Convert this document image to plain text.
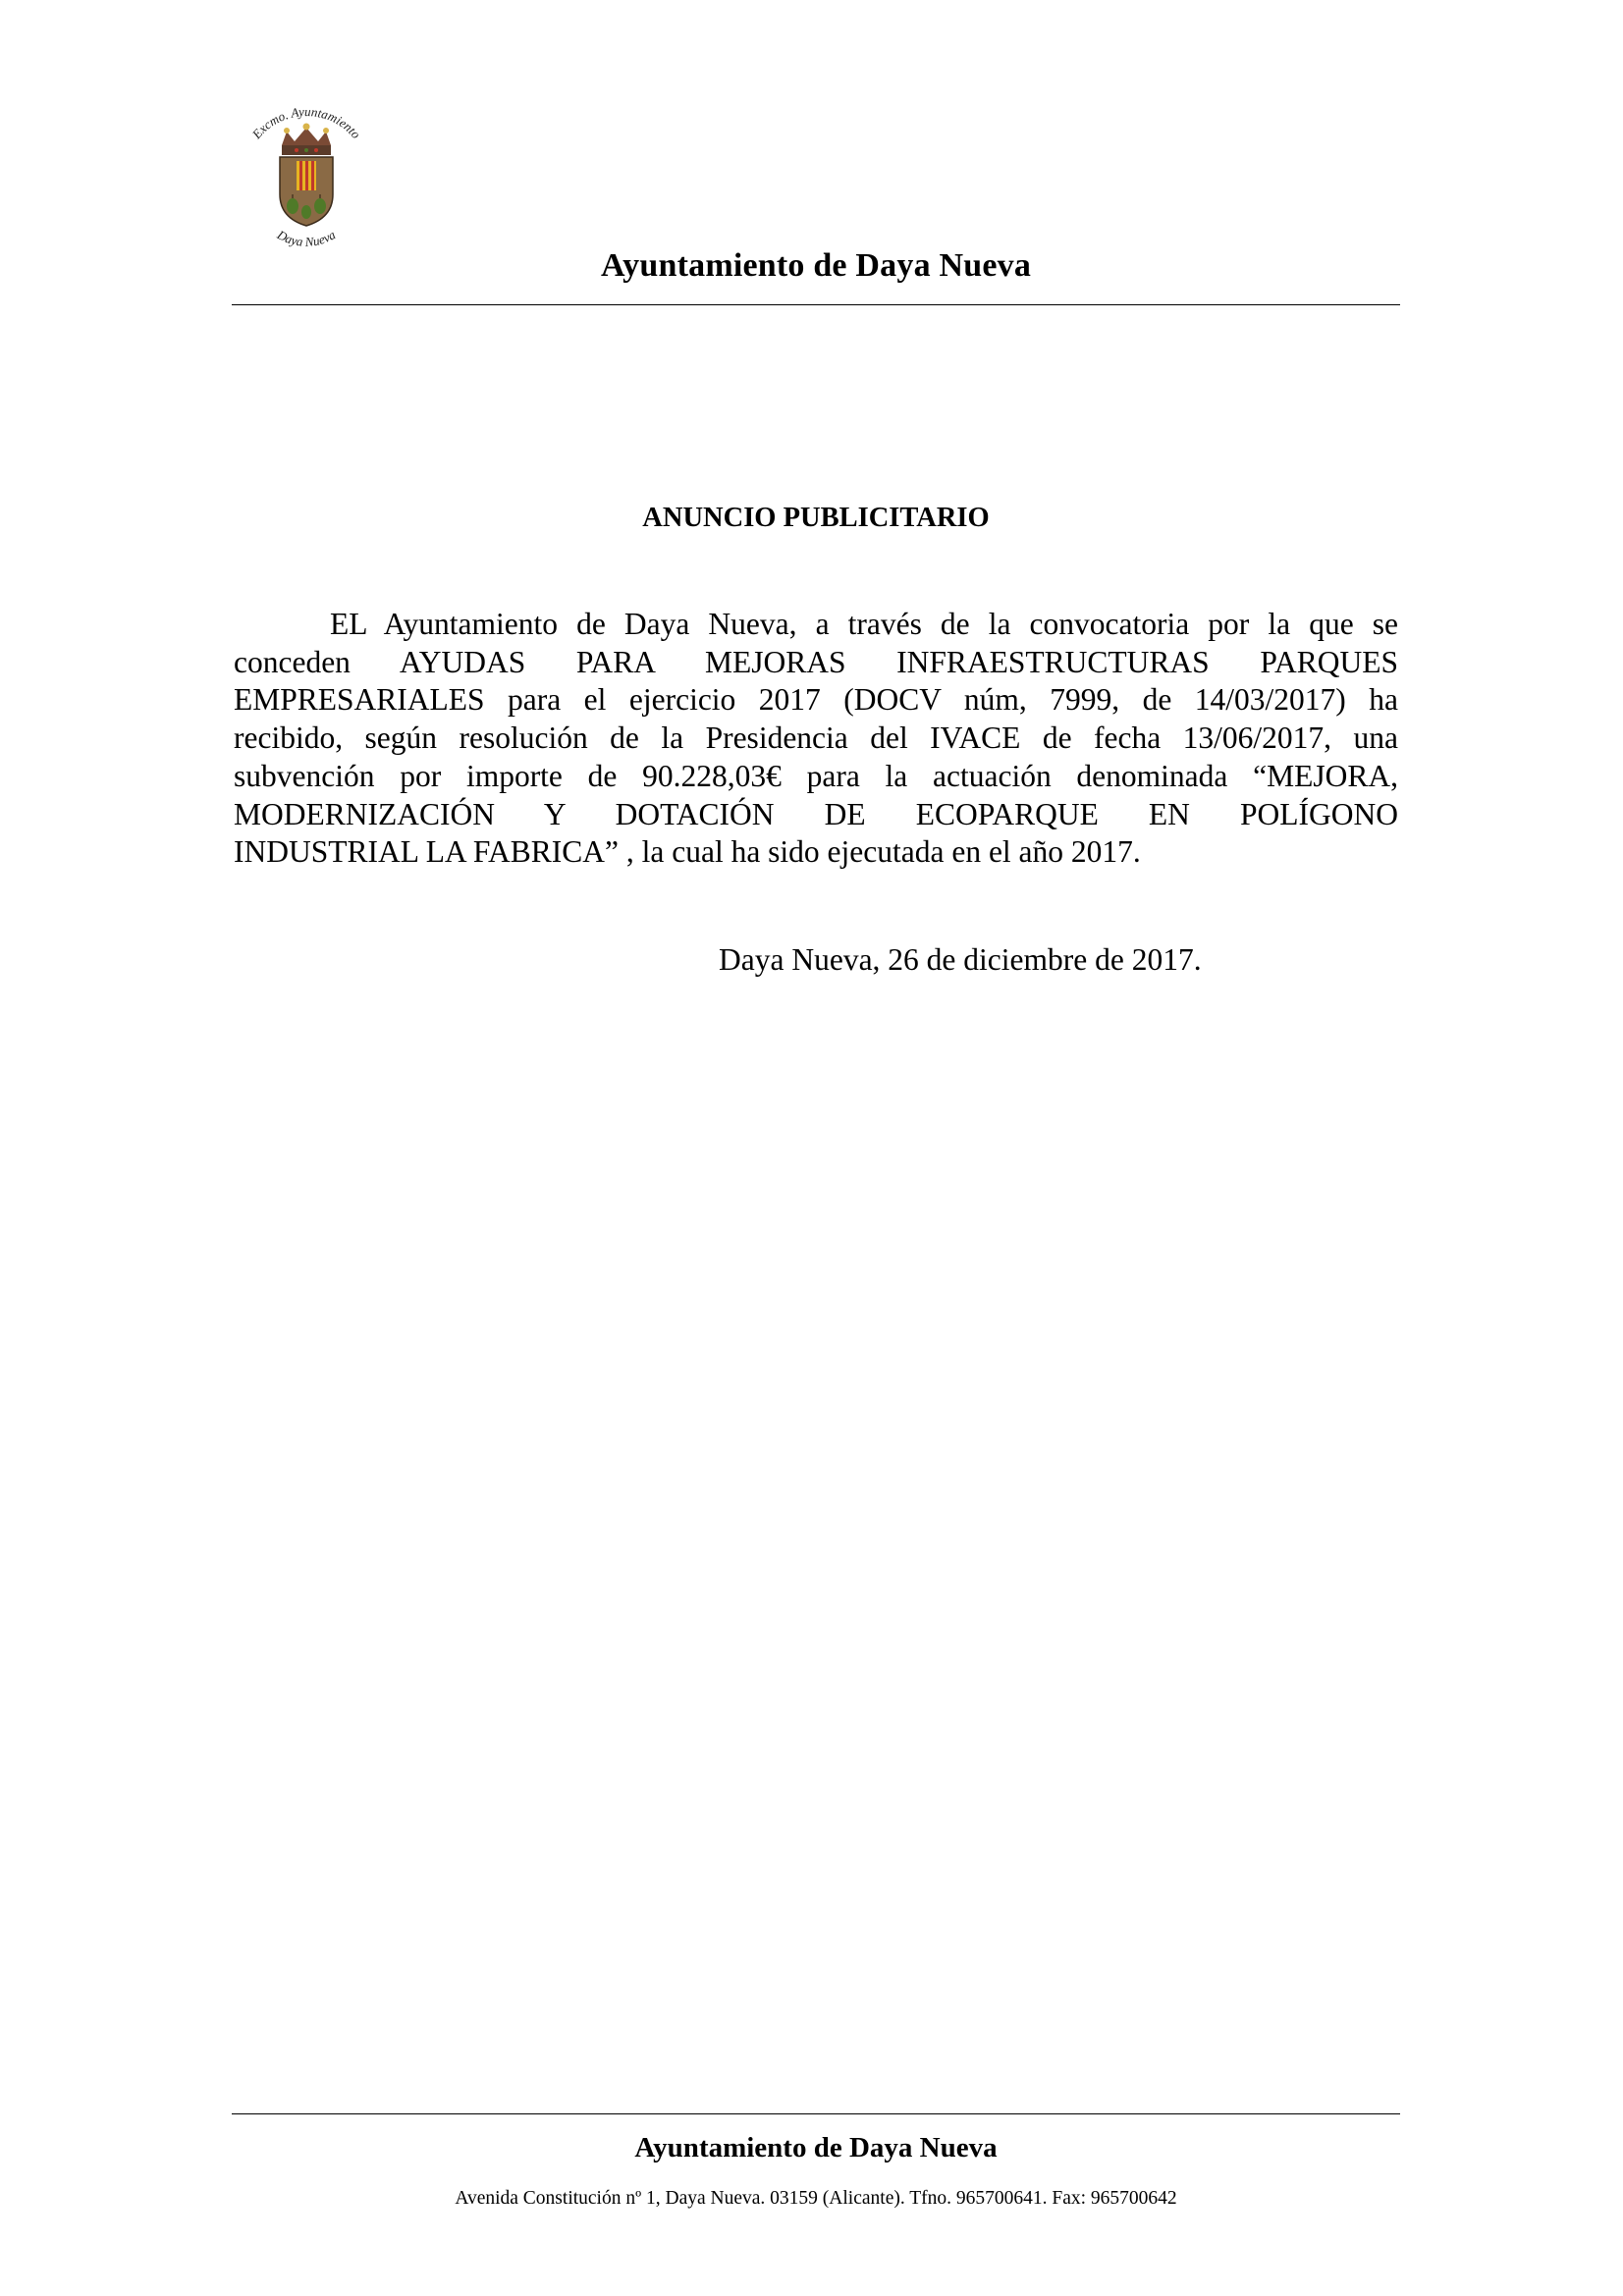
Excmo. Ayuntamiento
Daya Nueva
Ayuntamiento de Daya Nueva
ANUNCIO PUBLICITARIO
EL Ayuntamiento de Daya Nueva, a través de la convocatoria por la que se
conceden AYUDAS PARA MEJORAS INFRAESTRUCTURAS PARQUES
EMPRESARIALES para el ejercicio 2017 (DOCV núm, 7999, de 14/03/2017) ha
recibido, según resolución de la Presidencia del IVACE de fecha 13/06/2017, una
subvención por importe de 90.228,03€ para la actuación denominada “MEJORA,
MODERNIZACIÓN Y DOTACIÓN DE ECOPARQUE EN POLÍGONO
INDUSTRIAL LA FABRICA” , la cual ha sido ejecutada en el año 2017.
Daya Nueva, 26 de diciembre de 2017.
Ayuntamiento de Daya Nueva
Avenida Constitución nº 1, Daya Nueva. 03159 (Alicante). Tfno. 965700641. Fax: 965700642
